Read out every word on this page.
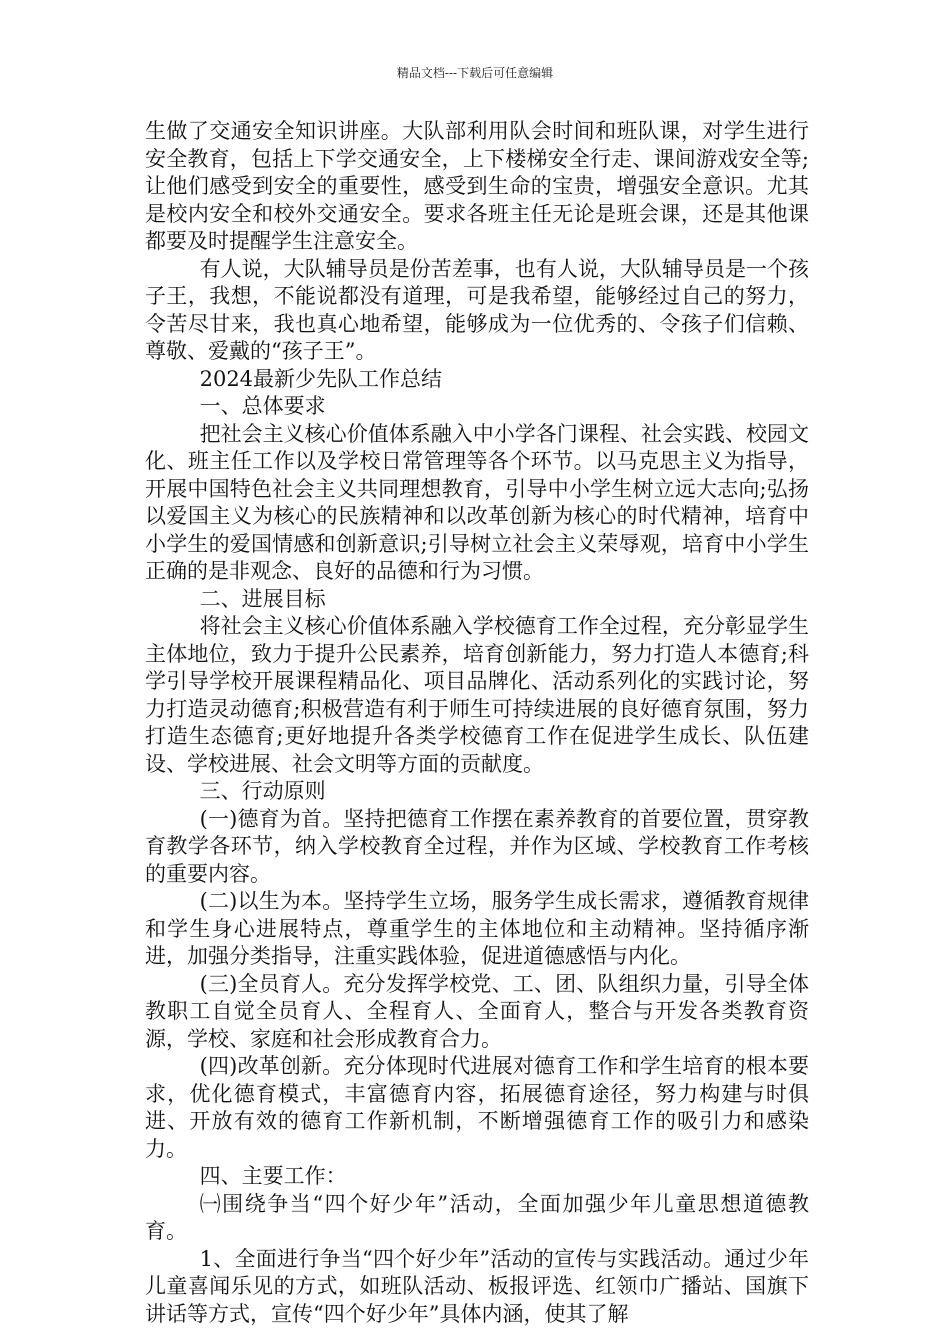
精品文档---下载后可任意编辑

生做了交通安全知识讲座。大队部利用队会时间和班队课，对学生进行安全教育，包括上下学交通安全，上下楼梯安全行走、课间游戏安全等;让他们感受到安全的重要性，感受到生命的宝贵，增强安全意识。尤其是校内安全和校外交通安全。要求各班主任无论是班会课，还是其他课都要及时提醒学生注意安全。

有人说，大队辅导员是份苦差事，也有人说，大队辅导员是一个孩子王，我想，不能说都没有道理，可是我希望，能够经过自己的努力，令苦尽甘来，我也真心地希望，能够成为一位优秀的、令孩子们信赖、尊敬、爱戴的“孩子王”。

2024最新少先队工作总结

一、总体要求

把社会主义核心价值体系融入中小学各门课程、社会实践、校园文化、班主任工作以及学校日常管理等各个环节。以马克思主义为指导，开展中国特色社会主义共同理想教育，引导中小学生树立远大志向;弘扬以爱国主义为核心的民族精神和以改革创新为核心的时代精神，培育中小学生的爱国情感和创新意识;引导树立社会主义荣辱观，培育中小学生正确的是非观念、良好的品德和行为习惯。

二、进展目标

将社会主义核心价值体系融入学校德育工作全过程，充分彰显学生主体地位，致力于提升公民素养，培育创新能力，努力打造人本德育;科学引导学校开展课程精品化、项目品牌化、活动系列化的实践讨论，努力打造灵动德育;积极营造有利于师生可持续进展的良好德育氛围，努力打造生态德育;更好地提升各类学校德育工作在促进学生成长、队伍建设、学校进展、社会文明等方面的贡献度。

三、行动原则

(一)德育为首。坚持把德育工作摆在素养教育的首要位置，贯穿教育教学各环节，纳入学校教育全过程，并作为区域、学校教育工作考核的重要内容。

(二)以生为本。坚持学生立场，服务学生成长需求，遵循教育规律和学生身心进展特点，尊重学生的主体地位和主动精神。坚持循序渐进，加强分类指导，注重实践体验，促进道德感悟与内化。

(三)全员育人。充分发挥学校党、工、团、队组织力量，引导全体教职工自觉全员育人、全程育人、全面育人，整合与开发各类教育资源，学校、家庭和社会形成教育合力。

(四)改革创新。充分体现时代进展对德育工作和学生培育的根本要求，优化德育模式，丰富德育内容，拓展德育途径，努力构建与时俱进、开放有效的德育工作新机制，不断增强德育工作的吸引力和感染力。

四、主要工作：

㈠围绕争当“四个好少年”活动，全面加强少年儿童思想道德教育。

1、全面进行争当“四个好少年”活动的宣传与实践活动。通过少年儿童喜闻乐见的方式，如班队活动、板报评选、红领巾广播站、国旗下讲话等方式，宣传“四个好少年”具体内涵，使其了解
